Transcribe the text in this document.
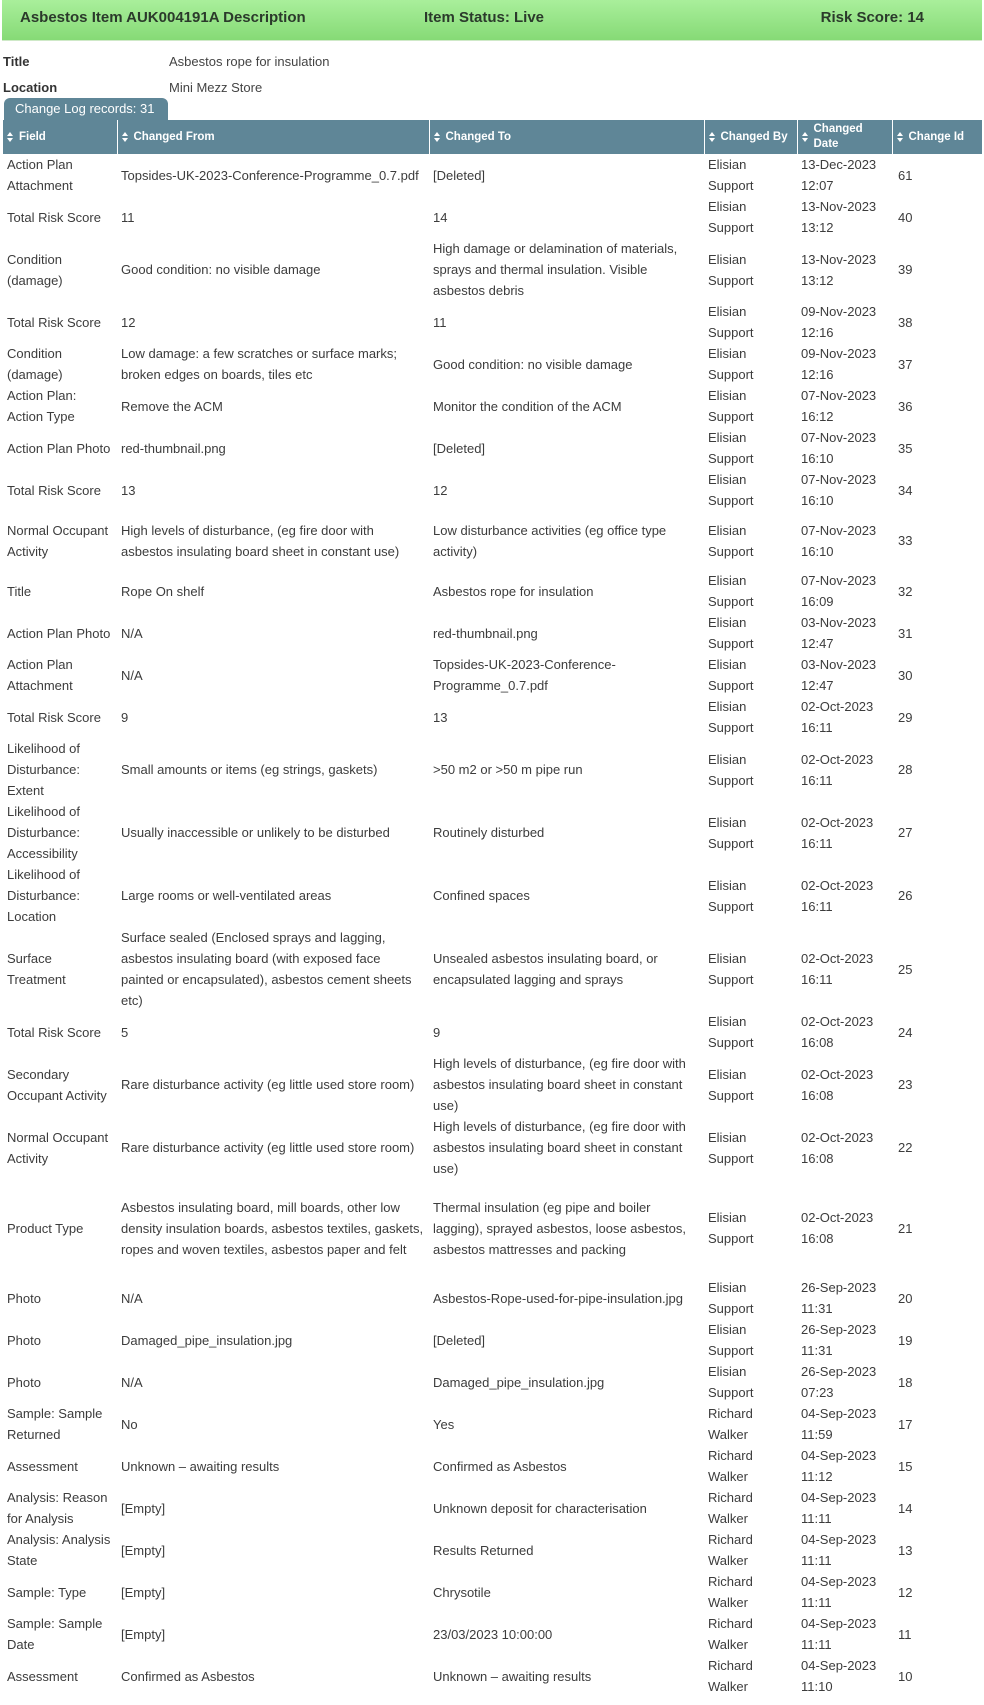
Asbestos Item AUK004191A Description	Item Status: Live	Risk Score: 14
Title	Asbestos rope for insulation
Location	Mini Mezz Store
Change Log records: 31
Field	Changed From	Changed To	Changed By	Changed Date	Change Id

Action Plan Attachment	Topsides-UK-2023-Conference-Programme_0.7.pdf	[Deleted]	Elisian Support	13-Dec-2023 12:07	61

Total Risk Score	11	14	Elisian Support	13-Nov-2023 13:12	40

Condition (damage)	Good condition: no visible damage	High damage or delamination of materials, sprays and thermal insulation. Visible asbestos debris	Elisian Support	13-Nov-2023 13:12	39

Total Risk Score	12	11	Elisian Support	09-Nov-2023 12:16	38

Condition (damage)	Low damage: a few scratches or surface marks; broken edges on boards, tiles etc	Good condition: no visible damage	Elisian Support	09-Nov-2023 12:16	37

Action Plan: Action Type	Remove the ACM	Monitor the condition of the ACM	Elisian Support	07-Nov-2023 16:12	36

Action Plan Photo	red-thumbnail.png	[Deleted]	Elisian Support	07-Nov-2023 16:10	35

Total Risk Score	13	12	Elisian Support	07-Nov-2023 16:10	34

Normal Occupant Activity	High levels of disturbance, (eg fire door with asbestos insulating board sheet in constant use)	Low disturbance activities (eg office type activity)	Elisian Support	07-Nov-2023 16:10	33

Title	Rope On shelf	Asbestos rope for insulation	Elisian Support	07-Nov-2023 16:09	32

Action Plan Photo	N/A	red-thumbnail.png	Elisian Support	03-Nov-2023 12:47	31

Action Plan Attachment	N/A	Topsides-UK-2023-Conference-Programme_0.7.pdf	Elisian Support	03-Nov-2023 12:47	30

Total Risk Score	9	13	Elisian Support	02-Oct-2023 16:11	29

Likelihood of Disturbance: Extent	Small amounts or items (eg strings, gaskets)	>50 m2 or >50 m pipe run	Elisian Support	02-Oct-2023 16:11	28

Likelihood of Disturbance: Accessibility	Usually inaccessible or unlikely to be disturbed	Routinely disturbed	Elisian Support	02-Oct-2023 16:11	27

Likelihood of Disturbance: Location	Large rooms or well-ventilated areas	Confined spaces	Elisian Support	02-Oct-2023 16:11	26

Surface Treatment	Surface sealed (Enclosed sprays and lagging, asbestos insulating board (with exposed face painted or encapsulated), asbestos cement sheets etc)	Unsealed asbestos insulating board, or encapsulated lagging and sprays	Elisian Support	02-Oct-2023 16:11	25

Total Risk Score	5	9	Elisian Support	02-Oct-2023 16:08	24

Secondary Occupant Activity	Rare disturbance activity (eg little used store room)	High levels of disturbance, (eg fire door with asbestos insulating board sheet in constant use)	Elisian Support	02-Oct-2023 16:08	23

Normal Occupant Activity	Rare disturbance activity (eg little used store room)	High levels of disturbance, (eg fire door with asbestos insulating board sheet in constant use)	Elisian Support	02-Oct-2023 16:08	22

Product Type	Asbestos insulating board, mill boards, other low density insulation boards, asbestos textiles, gaskets, ropes and woven textiles, asbestos paper and felt	Thermal insulation (eg pipe and boiler lagging), sprayed asbestos, loose asbestos, asbestos mattresses and packing	Elisian Support	02-Oct-2023 16:08	21

Photo	N/A	Asbestos-Rope-used-for-pipe-insulation.jpg	Elisian Support	26-Sep-2023 11:31	20

Photo	Damaged_pipe_insulation.jpg	[Deleted]	Elisian Support	26-Sep-2023 11:31	19

Photo	N/A	Damaged_pipe_insulation.jpg	Elisian Support	26-Sep-2023 07:23	18

Sample: Sample Returned	No	Yes	Richard Walker	04-Sep-2023 11:59	17

Assessment	Unknown – awaiting results	Confirmed as Asbestos	Richard Walker	04-Sep-2023 11:12	15

Analysis: Reason for Analysis	[Empty]	Unknown deposit for characterisation	Richard Walker	04-Sep-2023 11:11	14

Analysis: Analysis State	[Empty]	Results Returned	Richard Walker	04-Sep-2023 11:11	13

Sample: Type	[Empty]	Chrysotile	Richard Walker	04-Sep-2023 11:11	12

Sample: Sample Date	[Empty]	23/03/2023 10:00:00	Richard Walker	04-Sep-2023 11:11	11

Assessment	Confirmed as Asbestos	Unknown – awaiting results	Richard Walker	04-Sep-2023 11:10	10
